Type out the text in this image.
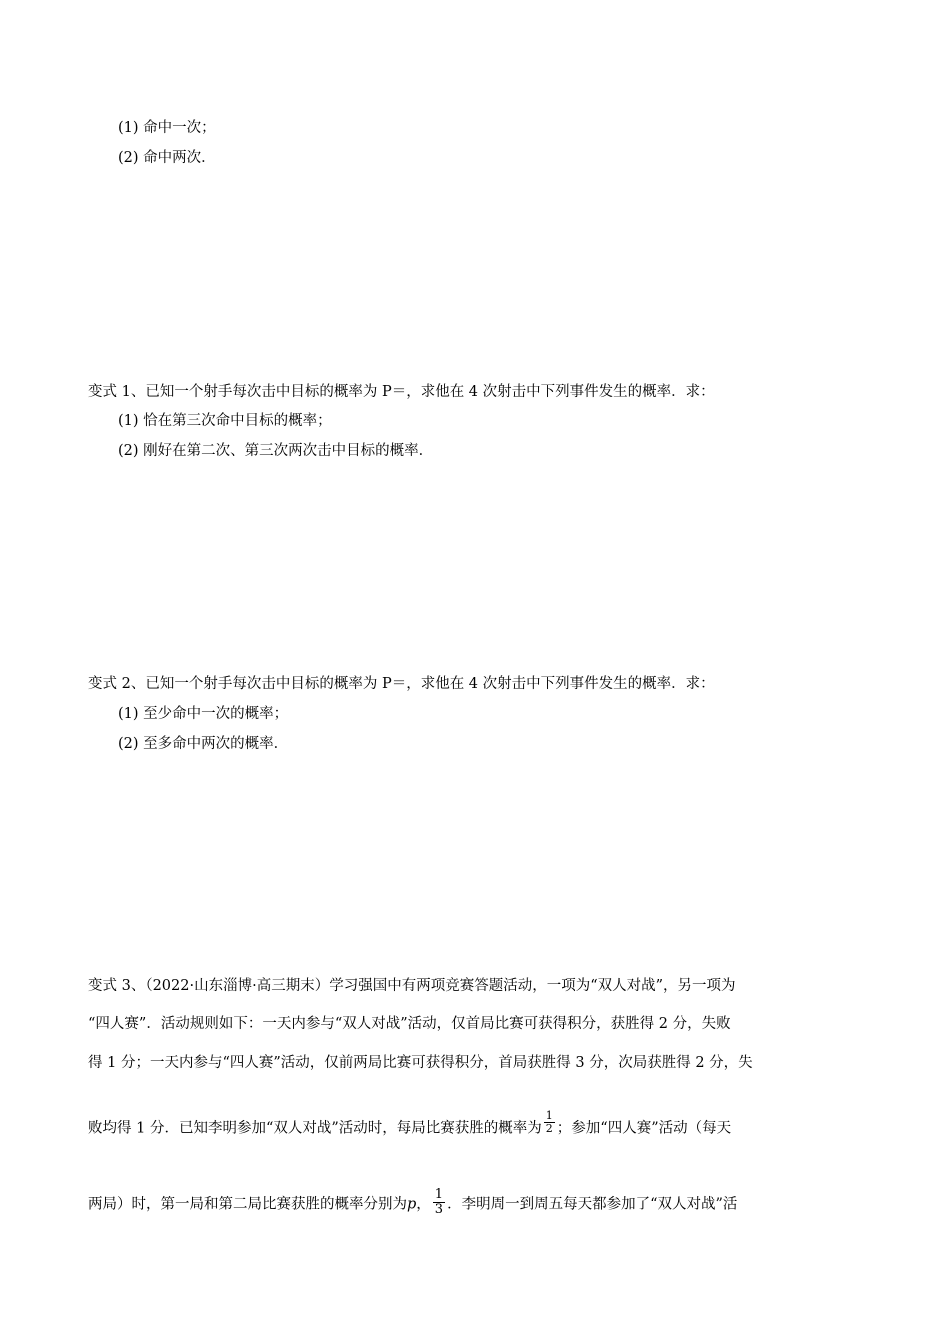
(1) 命中一次；
(2) 命中两次．
变式 1、已知一个射手每次击中目标的概率为 P＝，求他在 4 次射击中下列事件发生的概率．求：
(1) 恰在第三次命中目标的概率；
(2) 刚好在第二次、第三次两次击中目标的概率．
变式 2、已知一个射手每次击中目标的概率为 P＝，求他在 4 次射击中下列事件发生的概率．求：
(1) 至少命中一次的概率；
(2) 至多命中两次的概率．
变式 3、（2022·山东淄博·高三期末）学习强国中有两项竞赛答题活动，一项为“双人对战”，另一项为
“四人赛”．活动规则如下：一天内参与“双人对战”活动，仅首局比赛可获得积分，获胜得 2 分，失败
得 1 分；一天内参与“四人赛”活动，仅前两局比赛可获得积分，首局获胜得 3 分，次局获胜得 2 分，失
败均得 1 分．已知李明参加“双人对战”活动时，每局比赛获胜的概率为 $\frac{1}{2}$ ；参加“四人赛”活动（每天
两局）时，第一局和第二局比赛获胜的概率分别为p， $\frac{1}{3}$ ．李明周一到周五每天都参加了“双人对战”活
